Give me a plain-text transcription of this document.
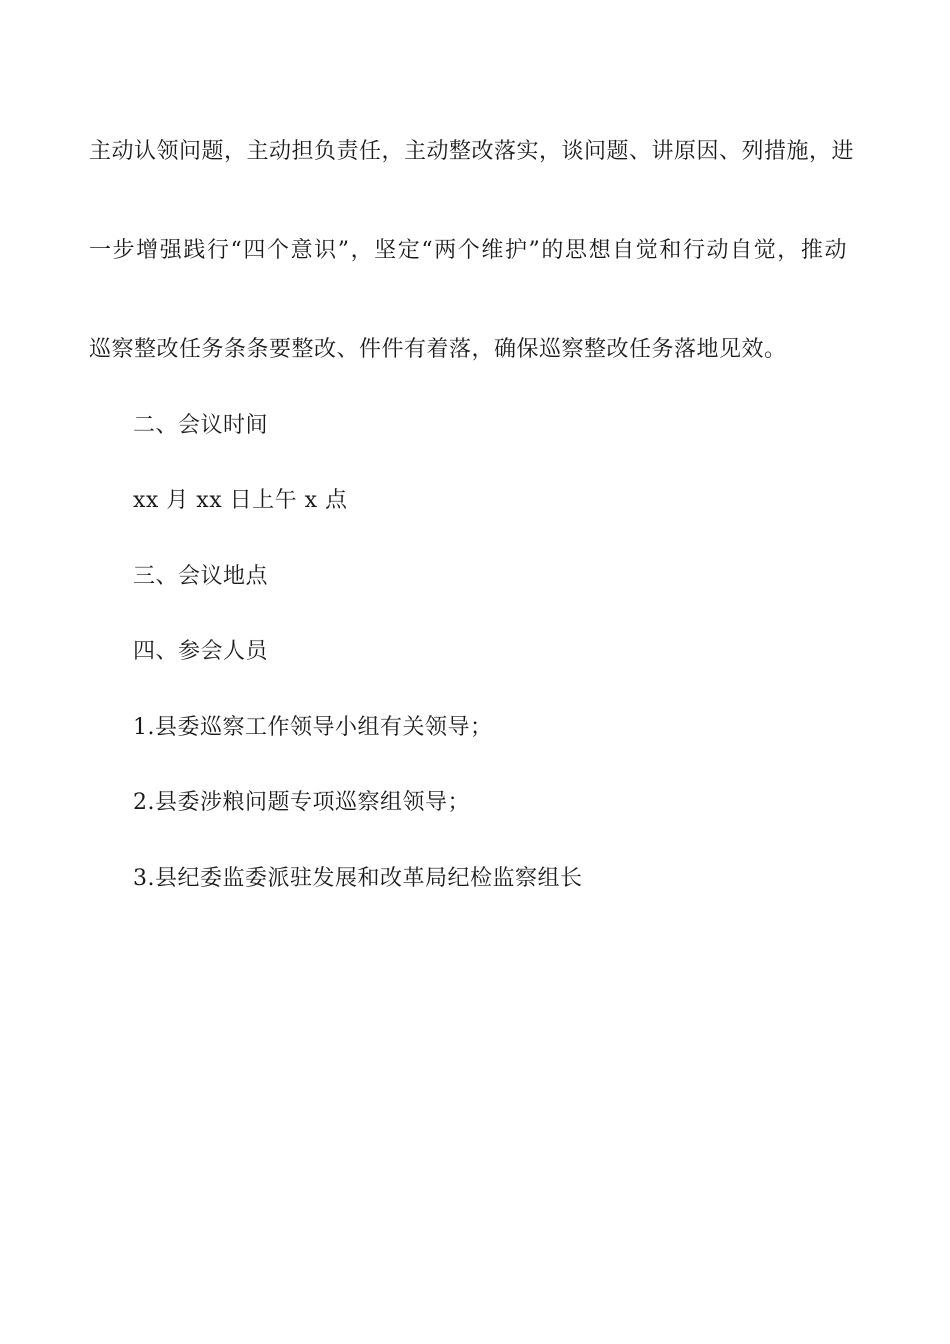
主动认领问题，主动担负责任，主动整改落实，谈问题、讲原因、列措施，进
一步增强践行“四个意识”，坚定“两个维护”的思想自觉和行动自觉，推动
巡察整改任务条条要整改、件件有着落，确保巡察整改任务落地见效。
二、会议时间
xx 月 xx 日上午 x 点
三、会议地点
四、参会人员
1.县委巡察工作领导小组有关领导；
2.县委涉粮问题专项巡察组领导；
3.县纪委监委派驻发展和改革局纪检监察组长
